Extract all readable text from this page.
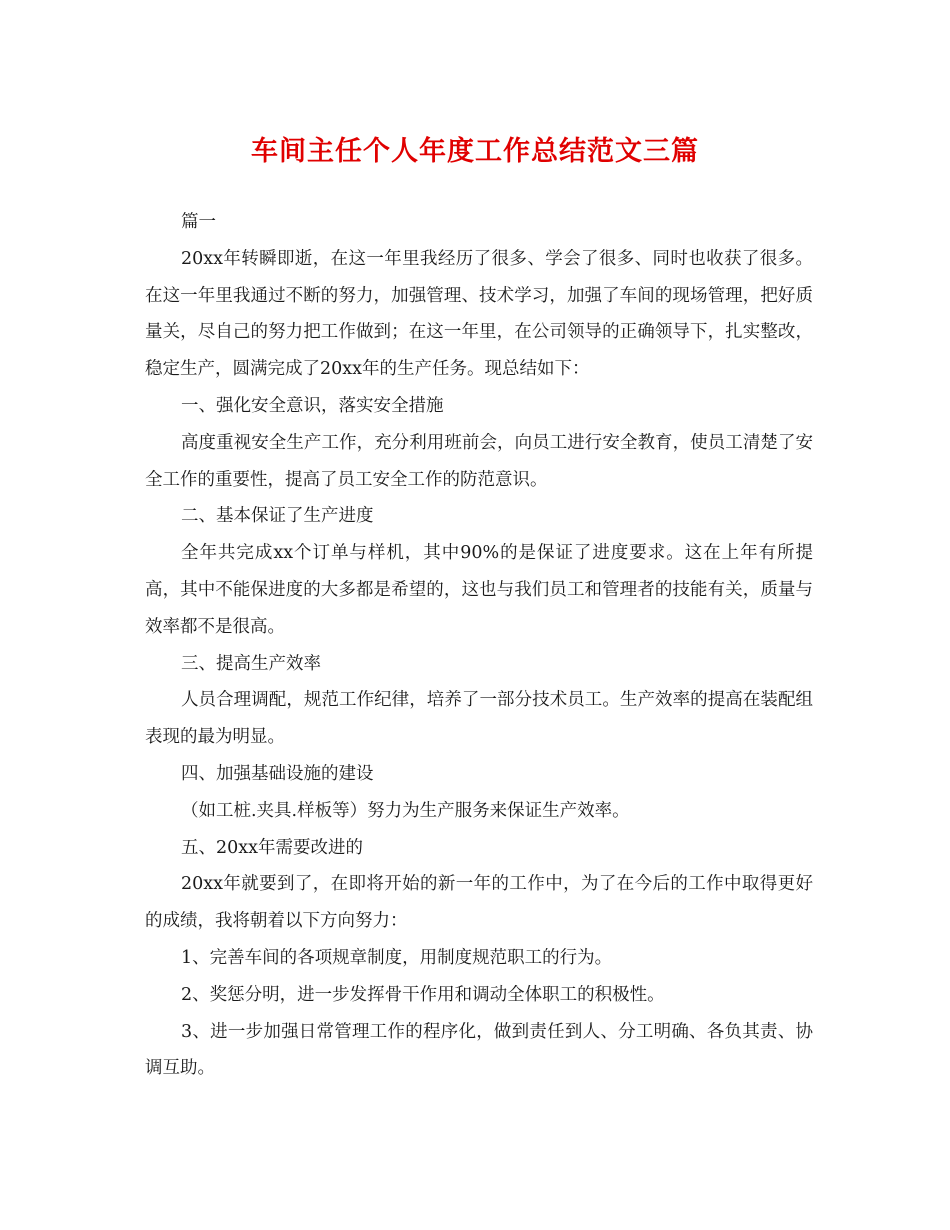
车间主任个人年度工作总结范文三篇

篇一

20xx年转瞬即逝，在这一年里我经历了很多、学会了很多、同时也收获了很多。在这一年里我通过不断的努力，加强管理、技术学习，加强了车间的现场管理，把好质量关，尽自己的努力把工作做到；在这一年里，在公司领导的正确领导下，扎实整改，稳定生产，圆满完成了20xx年的生产任务。现总结如下：

一、强化安全意识，落实安全措施

高度重视安全生产工作，充分利用班前会，向员工进行安全教育，使员工清楚了安全工作的重要性，提高了员工安全工作的防范意识。

二、基本保证了生产进度

全年共完成xx个订单与样机，其中90%的是保证了进度要求。这在上年有所提高，其中不能保进度的大多都是希望的，这也与我们员工和管理者的技能有关，质量与效率都不是很高。

三、提高生产效率

人员合理调配，规范工作纪律，培养了一部分技术员工。生产效率的提高在装配组表现的最为明显。

四、加强基础设施的建设

（如工桩.夹具.样板等）努力为生产服务来保证生产效率。

五、20xx年需要改进的

20xx年就要到了，在即将开始的新一年的工作中，为了在今后的工作中取得更好的成绩，我将朝着以下方向努力：

1、完善车间的各项规章制度，用制度规范职工的行为。

2、奖惩分明，进一步发挥骨干作用和调动全体职工的积极性。

3、进一步加强日常管理工作的程序化，做到责任到人、分工明确、各负其责、协调互助。
